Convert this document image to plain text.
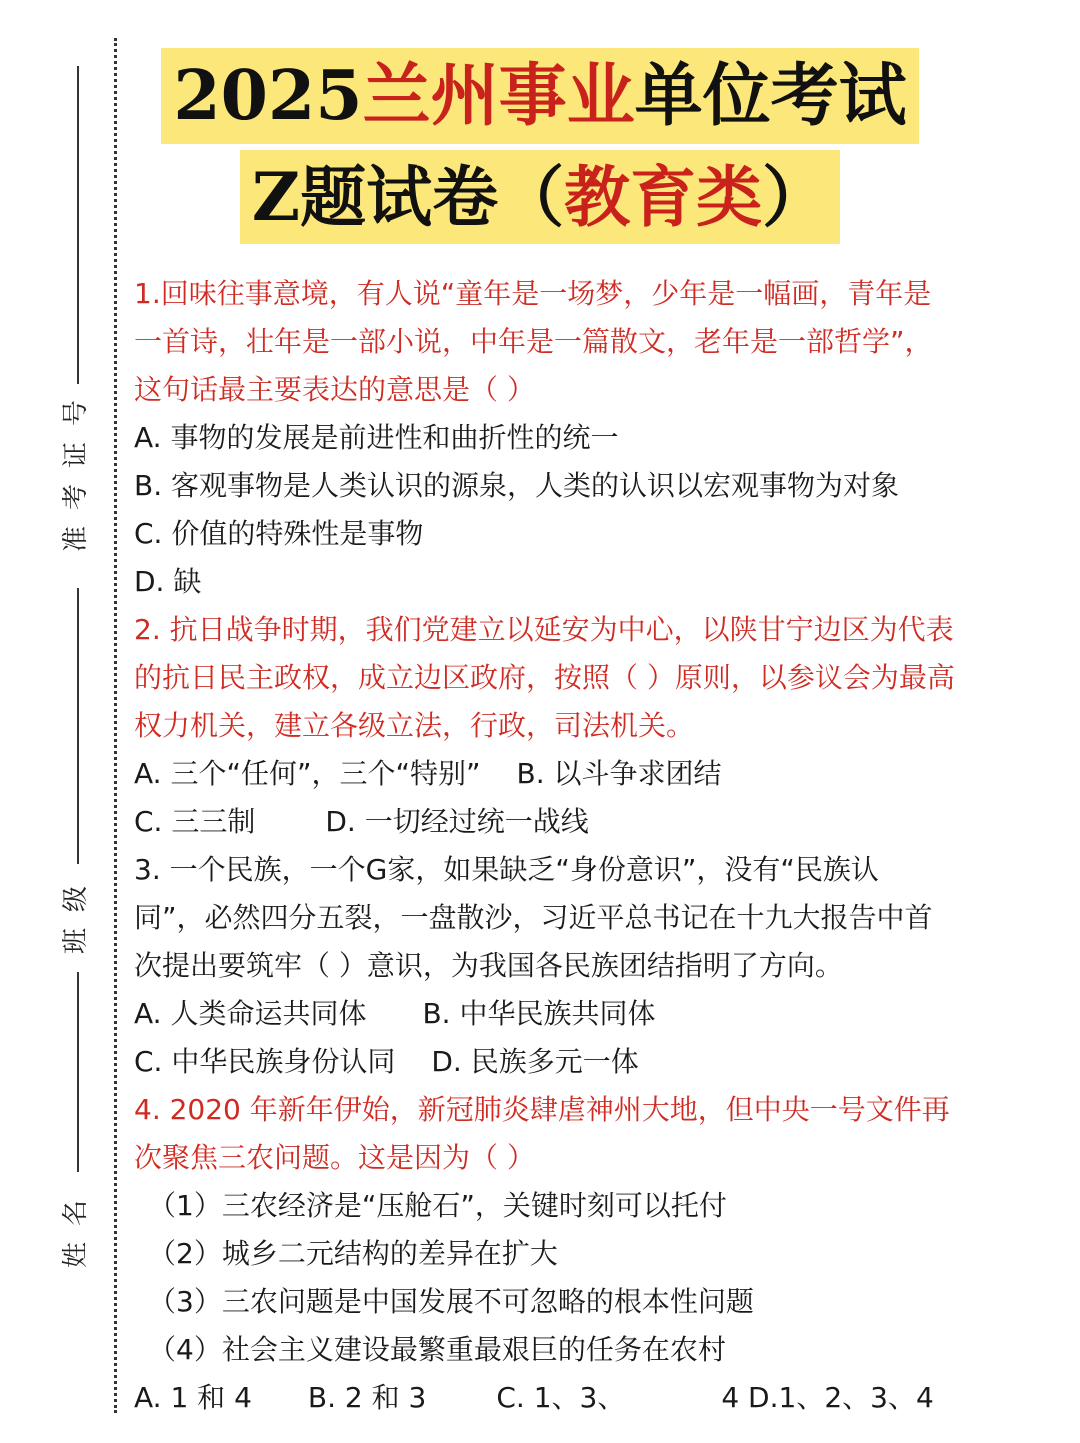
号
证
考
准
级
班
名
姓
2025兰州事业单位考试
Z题试卷（教育类）
1.回味往事意境，有人说“童年是一场梦，少年是一幅画，青年是
一首诗，壮年是一部小说，中年是一篇散文，老年是一部哲学”，
这句话最主要表达的意思是（ ）
A. 事物的发展是前进性和曲折性的统一
B. 客观事物是人类认识的源泉，人类的认识以宏观事物为对象
C. 价值的特殊性是事物
D. 缺
2. 抗日战争时期，我们党建立以延安为中心，以陕甘宁边区为代表
的抗日民主政权，成立边区政府，按照（ ）原则，以参议会为最高
权力机关，建立各级立法，行政，司法机关。
A. 三个“任何”，三个“特别” B. 以斗争求团结
C. 三三制	D. 一切经过统一战线
3. 一个民族，一个G家，如果缺乏“身份意识”，没有“民族认
同”，必然四分五裂，一盘散沙，习近平总书记在十九大报告中首
次提出要筑牢（ ）意识，为我国各民族团结指明了方向。
A. 人类命运共同体 B. 中华民族共同体
C. 中华民族身份认同 D. 民族多元一体
4. 2020 年新年伊始，新冠肺炎肆虐神州大地，但中央一号文件再
次聚焦三农问题。这是因为（ ）
（1）三农经济是“压舱石”，关键时刻可以托付
（2）城乡二元结构的差异在扩大
（3）三农问题是中国发展不可忽略的根本性问题
（4）社会主义建设最繁重最艰巨的任务在农村
A. 1 和 4 B. 2 和 3	C. 1、3、	4 D.1、2、3、4
